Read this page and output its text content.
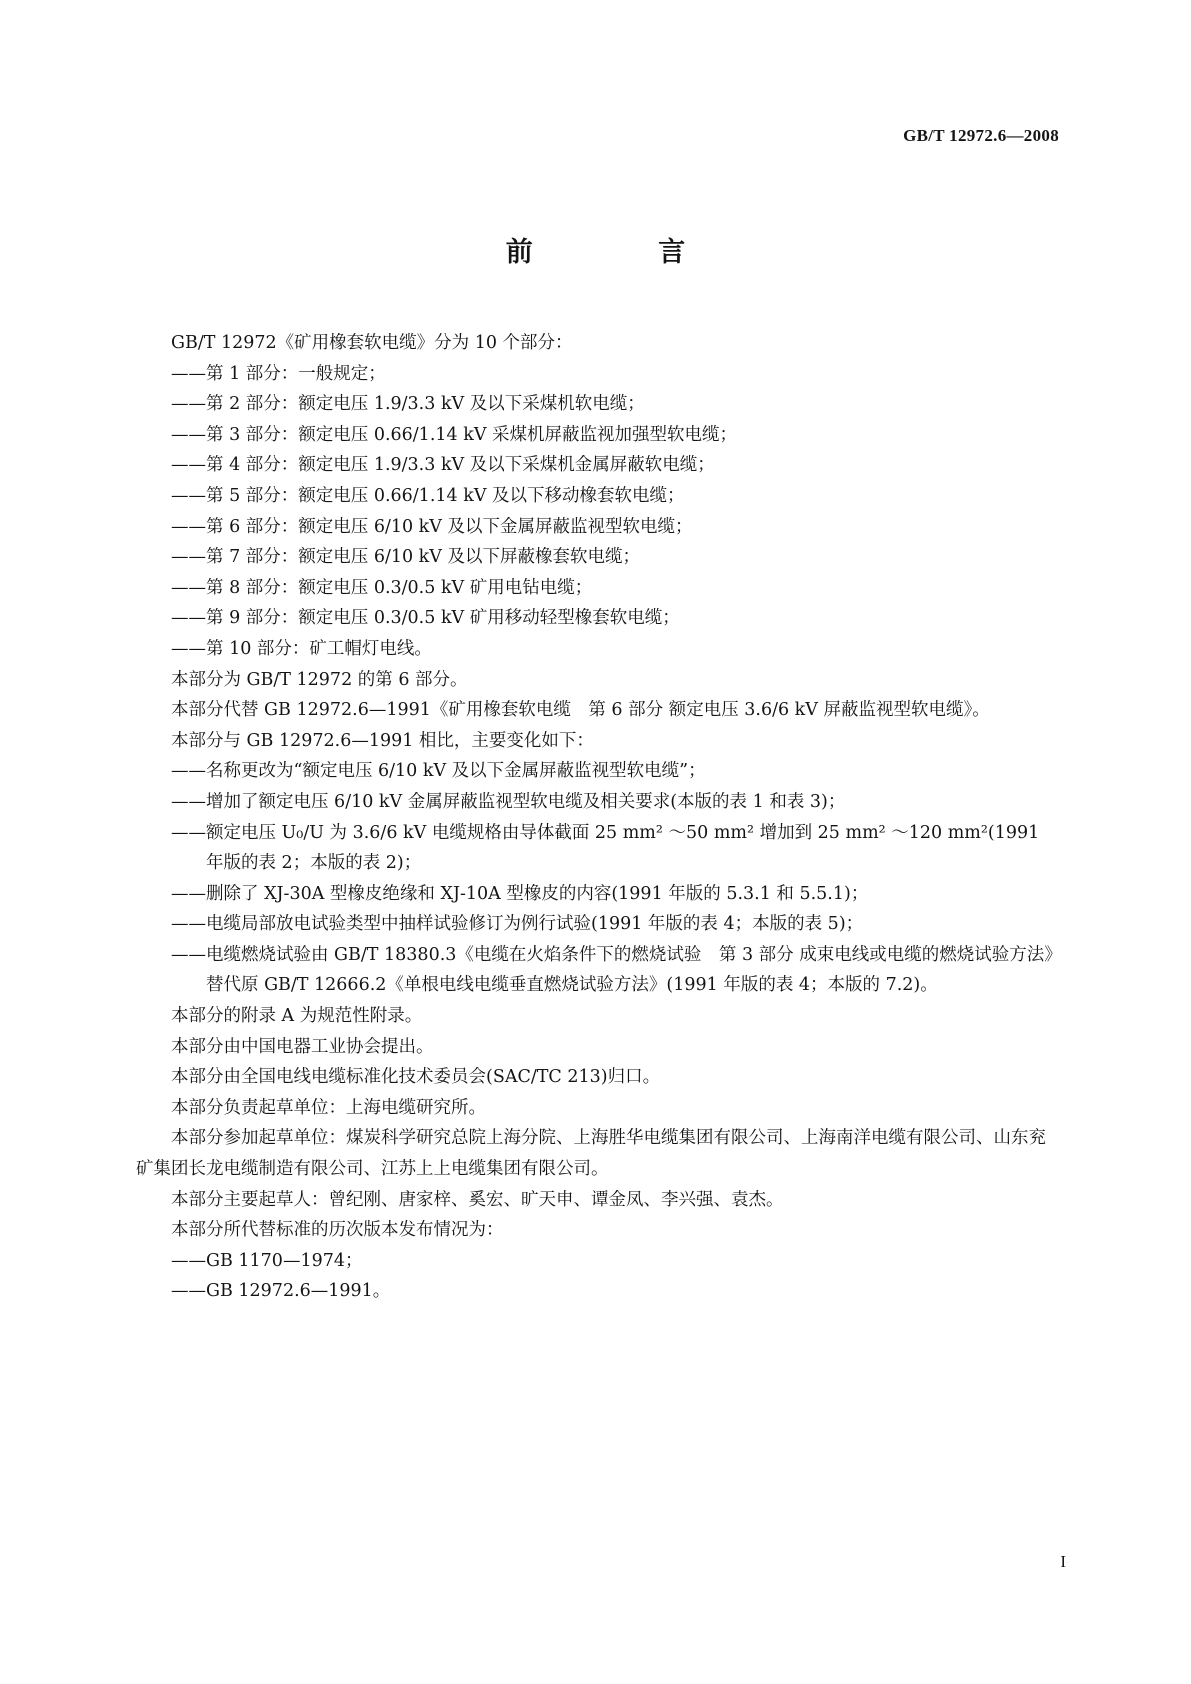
GB/T 12972.6—2008
前 言
GB/T 12972《矿用橡套软电缆》分为 10 个部分：
——第 1 部分：一般规定；
——第 2 部分：额定电压 1.9/3.3 kV 及以下采煤机软电缆；
——第 3 部分：额定电压 0.66/1.14 kV 采煤机屏蔽监视加强型软电缆；
——第 4 部分：额定电压 1.9/3.3 kV 及以下采煤机金属屏蔽软电缆；
——第 5 部分：额定电压 0.66/1.14 kV 及以下移动橡套软电缆；
——第 6 部分：额定电压 6/10 kV 及以下金属屏蔽监视型软电缆；
——第 7 部分：额定电压 6/10 kV 及以下屏蔽橡套软电缆；
——第 8 部分：额定电压 0.3/0.5 kV 矿用电钻电缆；
——第 9 部分：额定电压 0.3/0.5 kV 矿用移动轻型橡套软电缆；
——第 10 部分：矿工帽灯电线。
本部分为 GB/T 12972 的第 6 部分。
本部分代替 GB 12972.6—1991《矿用橡套软电缆　第 6 部分 额定电压 3.6/6 kV 屏蔽监视型软电缆》。
本部分与 GB 12972.6—1991 相比，主要变化如下：
——名称更改为“额定电压 6/10 kV 及以下金属屏蔽监视型软电缆”；
——增加了额定电压 6/10 kV 金属屏蔽监视型软电缆及相关要求(本版的表 1 和表 3)；
——额定电压 U₀/U 为 3.6/6 kV 电缆规格由导体截面 25 mm² ～50 mm² 增加到 25 mm² ～120 mm²(1991 年版的表 2；本版的表 2)；
——删除了 XJ-30A 型橡皮绝缘和 XJ-10A 型橡皮的内容(1991 年版的 5.3.1 和 5.5.1)；
——电缆局部放电试验类型中抽样试验修订为例行试验(1991 年版的表 4；本版的表 5)；
——电缆燃烧试验由 GB/T 18380.3《电缆在火焰条件下的燃烧试验　第 3 部分 成束电线或电缆的燃烧试验方法》替代原 GB/T 12666.2《单根电线电缆垂直燃烧试验方法》(1991 年版的表 4；本版的 7.2)。
本部分的附录 A 为规范性附录。
本部分由中国电器工业协会提出。
本部分由全国电线电缆标准化技术委员会(SAC/TC 213)归口。
本部分负责起草单位：上海电缆研究所。
本部分参加起草单位：煤炭科学研究总院上海分院、上海胜华电缆集团有限公司、上海南洋电缆有限公司、山东兖矿集团长龙电缆制造有限公司、江苏上上电缆集团有限公司。
本部分主要起草人：曾纪刚、唐家梓、奚宏、旷天申、谭金凤、李兴强、袁杰。
本部分所代替标准的历次版本发布情况为：
——GB 1170—1974；
——GB 12972.6—1991。
I
